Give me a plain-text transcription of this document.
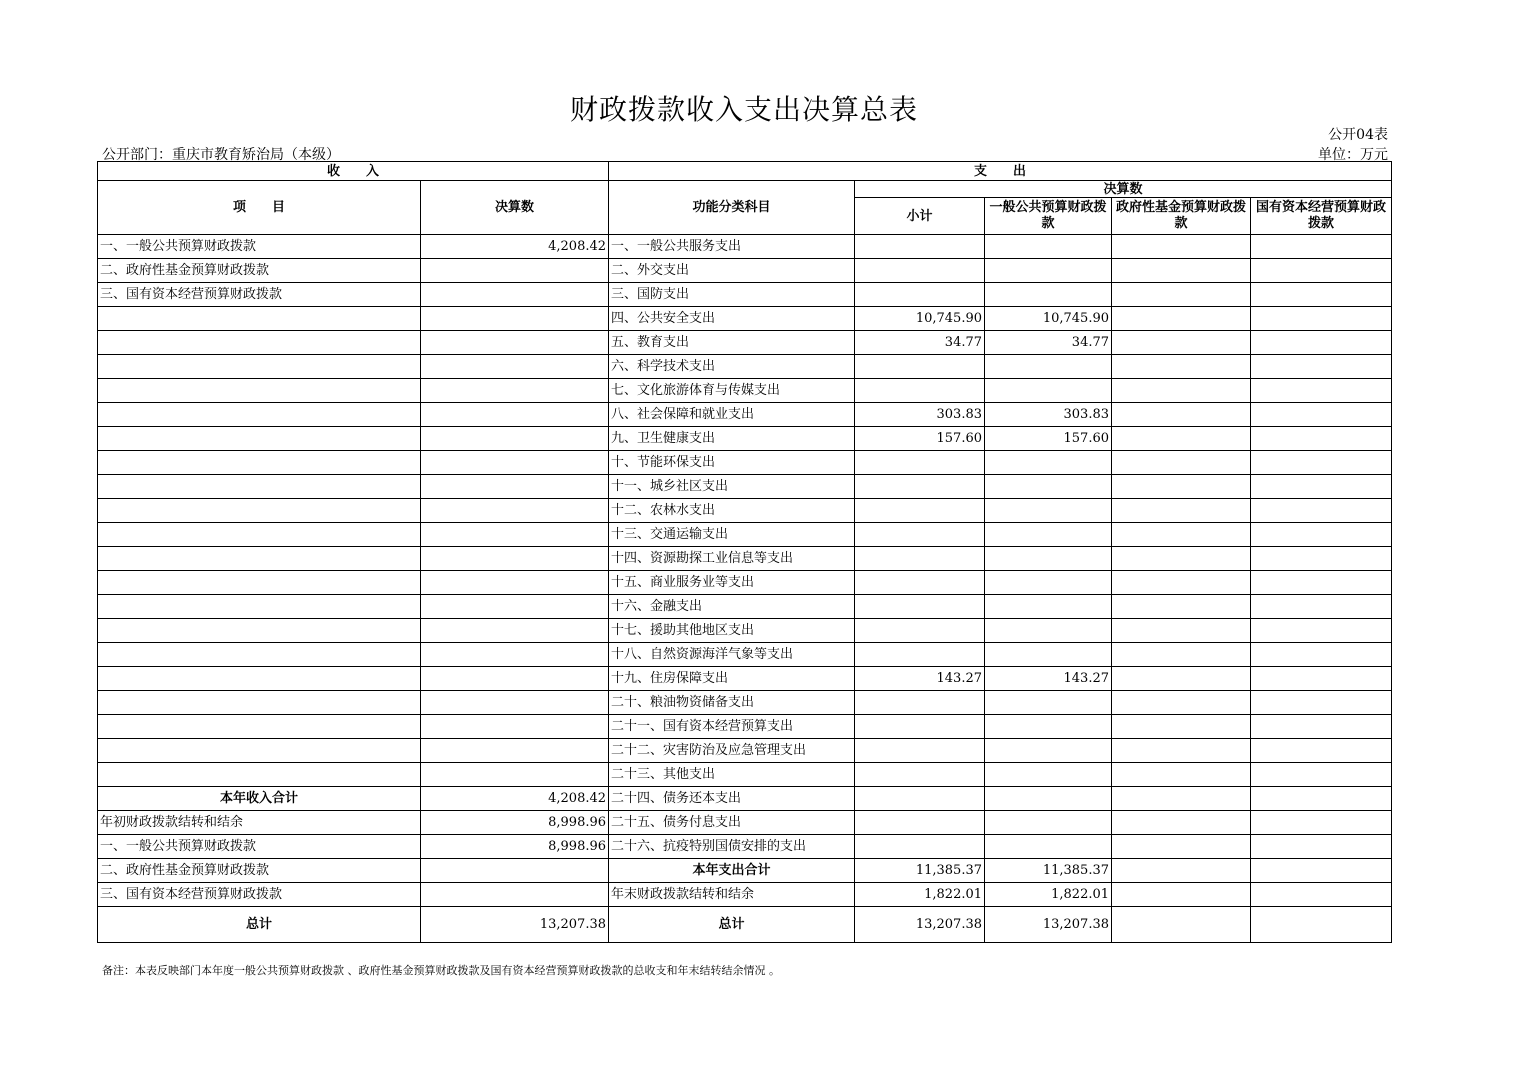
财政拨款收入支出决算总表
公开04表
公开部门：重庆市教育矫治局（本级）	单位：万元
收　　入		支　　出				
项　　目	决算数	功能分类科目	决算数			
			小计	一般公共预算财政拨款	政府性基金预算财政拨款	国有资本经营预算财政拨款
一、一般公共预算财政拨款	4,208.42	一、一般公共服务支出				
二、政府性基金预算财政拨款		二、外交支出				
三、国有资本经营预算财政拨款		三、国防支出				
		四、公共安全支出	10,745.90	10,745.90		
		五、教育支出	34.77	34.77		
		六、科学技术支出				
		七、文化旅游体育与传媒支出				
		八、社会保障和就业支出	303.83	303.83		
		九、卫生健康支出	157.60	157.60		
		十、节能环保支出				
		十一、城乡社区支出				
		十二、农林水支出				
		十三、交通运输支出				
		十四、资源勘探工业信息等支出				
		十五、商业服务业等支出				
		十六、金融支出				
		十七、援助其他地区支出				
		十八、自然资源海洋气象等支出				
		十九、住房保障支出	143.27	143.27		
		二十、粮油物资储备支出				
		二十一、国有资本经营预算支出				
		二十二、灾害防治及应急管理支出				
		二十三、其他支出				
本年收入合计	4,208.42	二十四、债务还本支出				
年初财政拨款结转和结余	8,998.96	二十五、债务付息支出				
一、一般公共预算财政拨款	8,998.96	二十六、抗疫特别国债安排的支出				
二、政府性基金预算财政拨款		本年支出合计	11,385.37	11,385.37		
三、国有资本经营预算财政拨款		年末财政拨款结转和结余	1,822.01	1,822.01		
总计	13,207.38	总计	13,207.38	13,207.38		
备注：本表反映部门本年度一般公共预算财政拨款 、政府性基金预算财政拨款及国有资本经营预算财政拨款的总收支和年末结转结余情况 。
